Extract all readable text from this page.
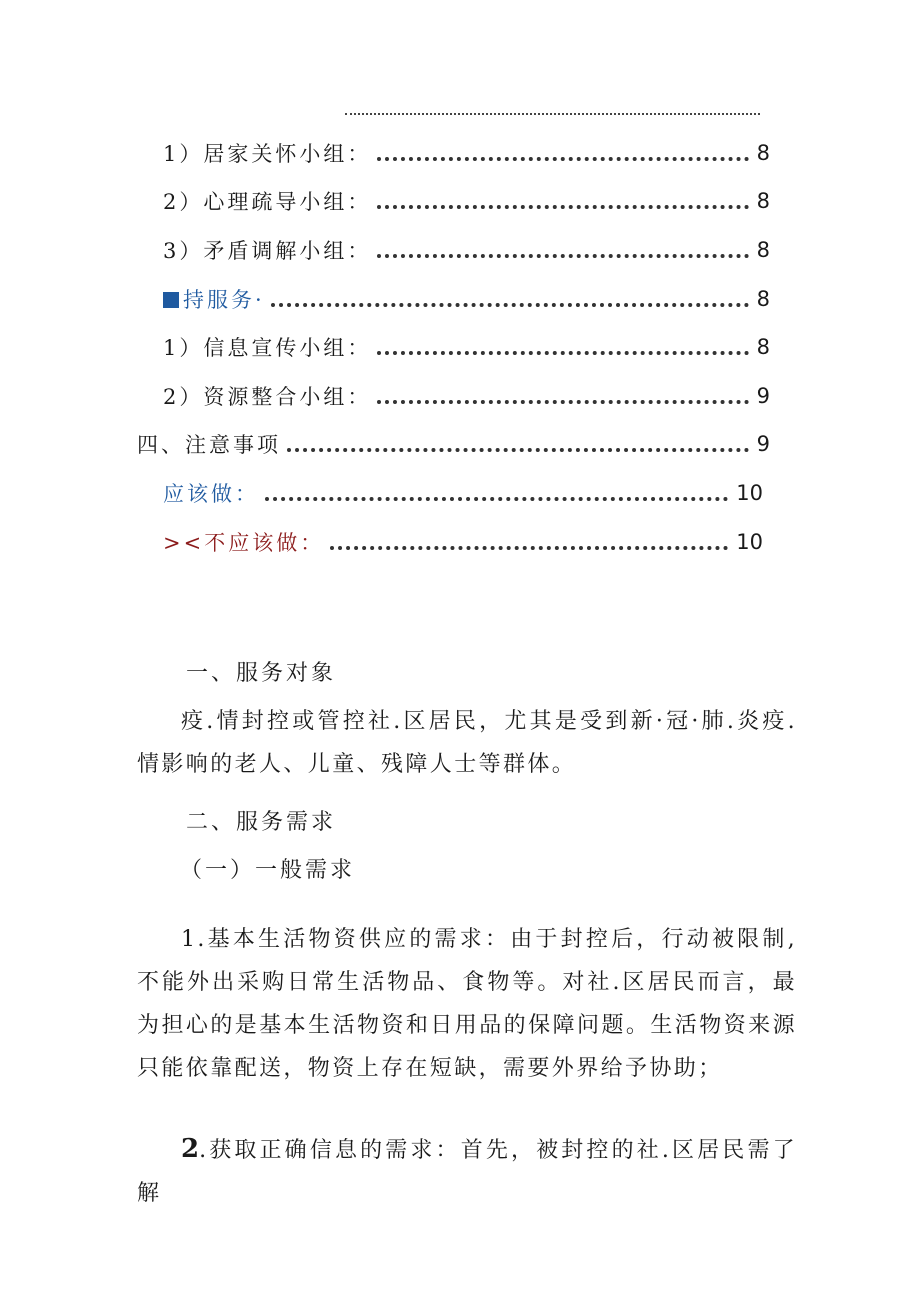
1）居家关怀小组：	8
2）心理疏导小组：	8
3）矛盾调解小组：	8
持服务·	8
1）信息宣传小组：	8
2）资源整合小组：	9
四、注意事项	9
应该做：	10
><不应该做：	10
一、服务对象
疫.情封控或管控社.区居民，尤其是受到新·冠·肺.炎疫.情影响的老人、儿童、残障人士等群体。
二、服务需求
（一）一般需求
1.基本生活物资供应的需求：由于封控后，行动被限制,不能外出采购日常生活物品、食物等。对社.区居民而言，最为担心的是基本生活物资和日用品的保障问题。生活物资来源只能依靠配送，物资上存在短缺，需要外界给予协助；
2.获取正确信息的需求：首先，被封控的社.区居民需了解
